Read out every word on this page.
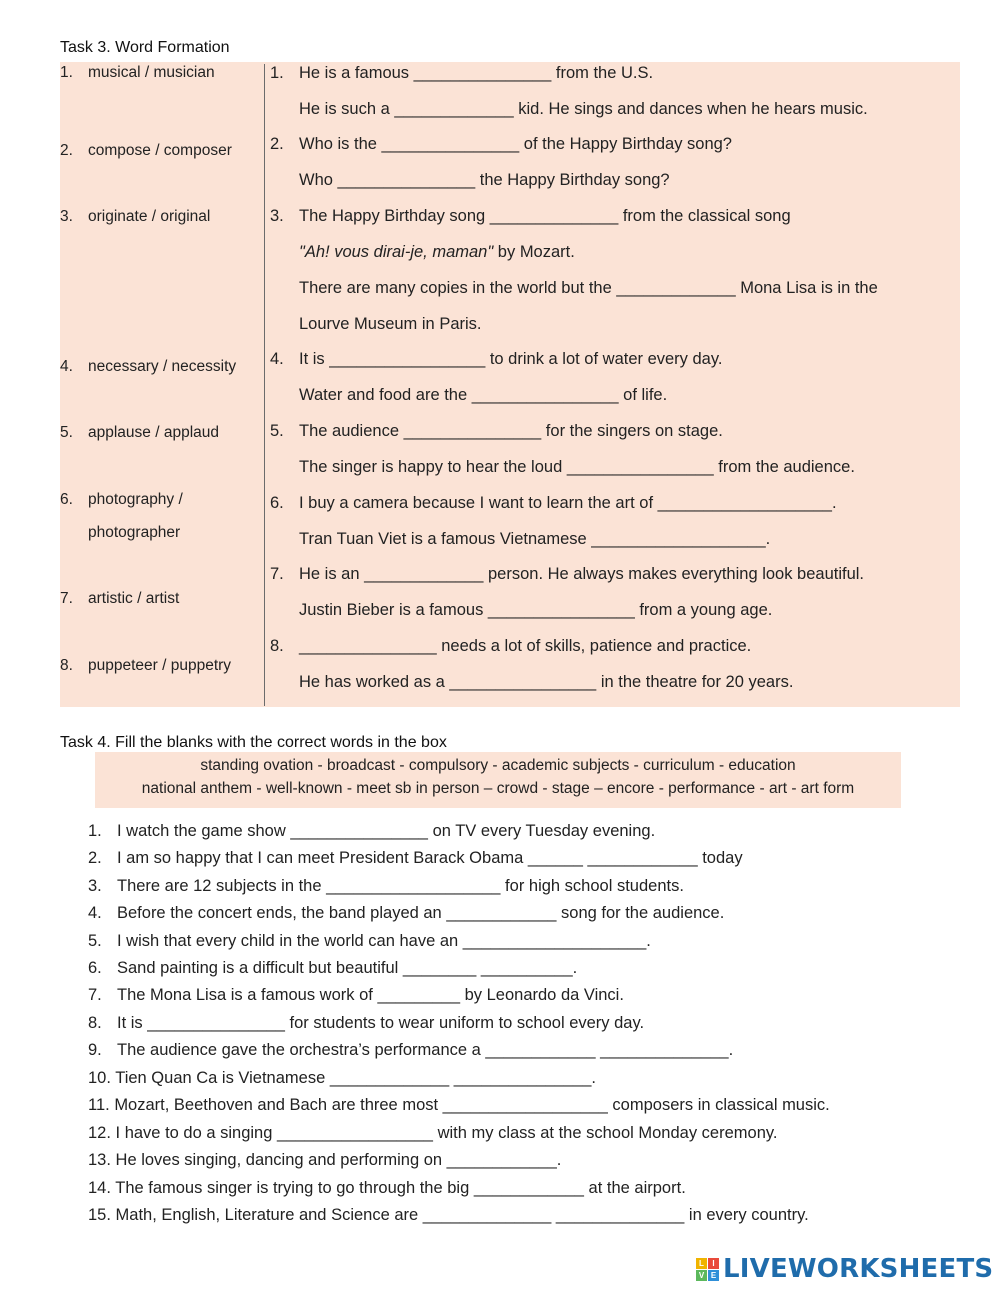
Task 3. Word Formation
1. musical / musician
2. compose / composer
3. originate / original
4. necessary / necessity
5. applause / applaud
6. photography /
photographer
7. artistic / artist
8. puppeteer / puppetry
1. He is a famous _______________ from the U.S.
He is such a _____________ kid. He sings and dances when he hears music.
2. Who is the _______________ of the Happy Birthday song?
Who _______________ the Happy Birthday song?
3. The Happy Birthday song ______________ from the classical song
"Ah! vous dirai-je, maman" by Mozart.
There are many copies in the world but the _____________ Mona Lisa is in the
Lourve Museum in Paris.
4. It is _________________ to drink a lot of water every day.
Water and food are the ________________ of life.
5. The audience _______________ for the singers on stage.
The singer is happy to hear the loud ________________ from the audience.
6. I buy a camera because I want to learn the art of ___________________.
Tran Tuan Viet is a famous Vietnamese ___________________.
7. He is an _____________ person. He always makes everything look beautiful.
Justin Bieber is a famous ________________ from a young age.
8. _______________ needs a lot of skills, patience and practice.
He has worked as a ________________ in the theatre for 20 years.
Task 4. Fill the blanks with the correct words in the box
standing ovation - broadcast - compulsory - academic subjects - curriculum - education
national anthem - well-known - meet sb in person – crowd - stage – encore - performance - art - art form
1. I watch the game show _______________ on TV every Tuesday evening.
2. I am so happy that I can meet President Barack Obama ______ ____________ today
3. There are 12 subjects in the ___________________ for high school students.
4. Before the concert ends, the band played an ____________ song for the audience.
5. I wish that every child in the world can have an ____________________.
6. Sand painting is a difficult but beautiful ________ __________.
7. The Mona Lisa is a famous work of _________ by Leonardo da Vinci.
8. It is _______________ for students to wear uniform to school every day.
9. The audience gave the orchestra’s performance a ____________ ______________.
10. Tien Quan Ca is Vietnamese _____________ _______________.
11. Mozart, Beethoven and Bach are three most __________________ composers in classical music.
12. I have to do a singing _________________ with my class at the school Monday ceremony.
13. He loves singing, dancing and performing on ____________.
14. The famous singer is trying to go through the big ____________ at the airport.
15. Math, English, Literature and Science are ______________ ______________ in every country.
L	I
V E LIVEWORKSHEETS
